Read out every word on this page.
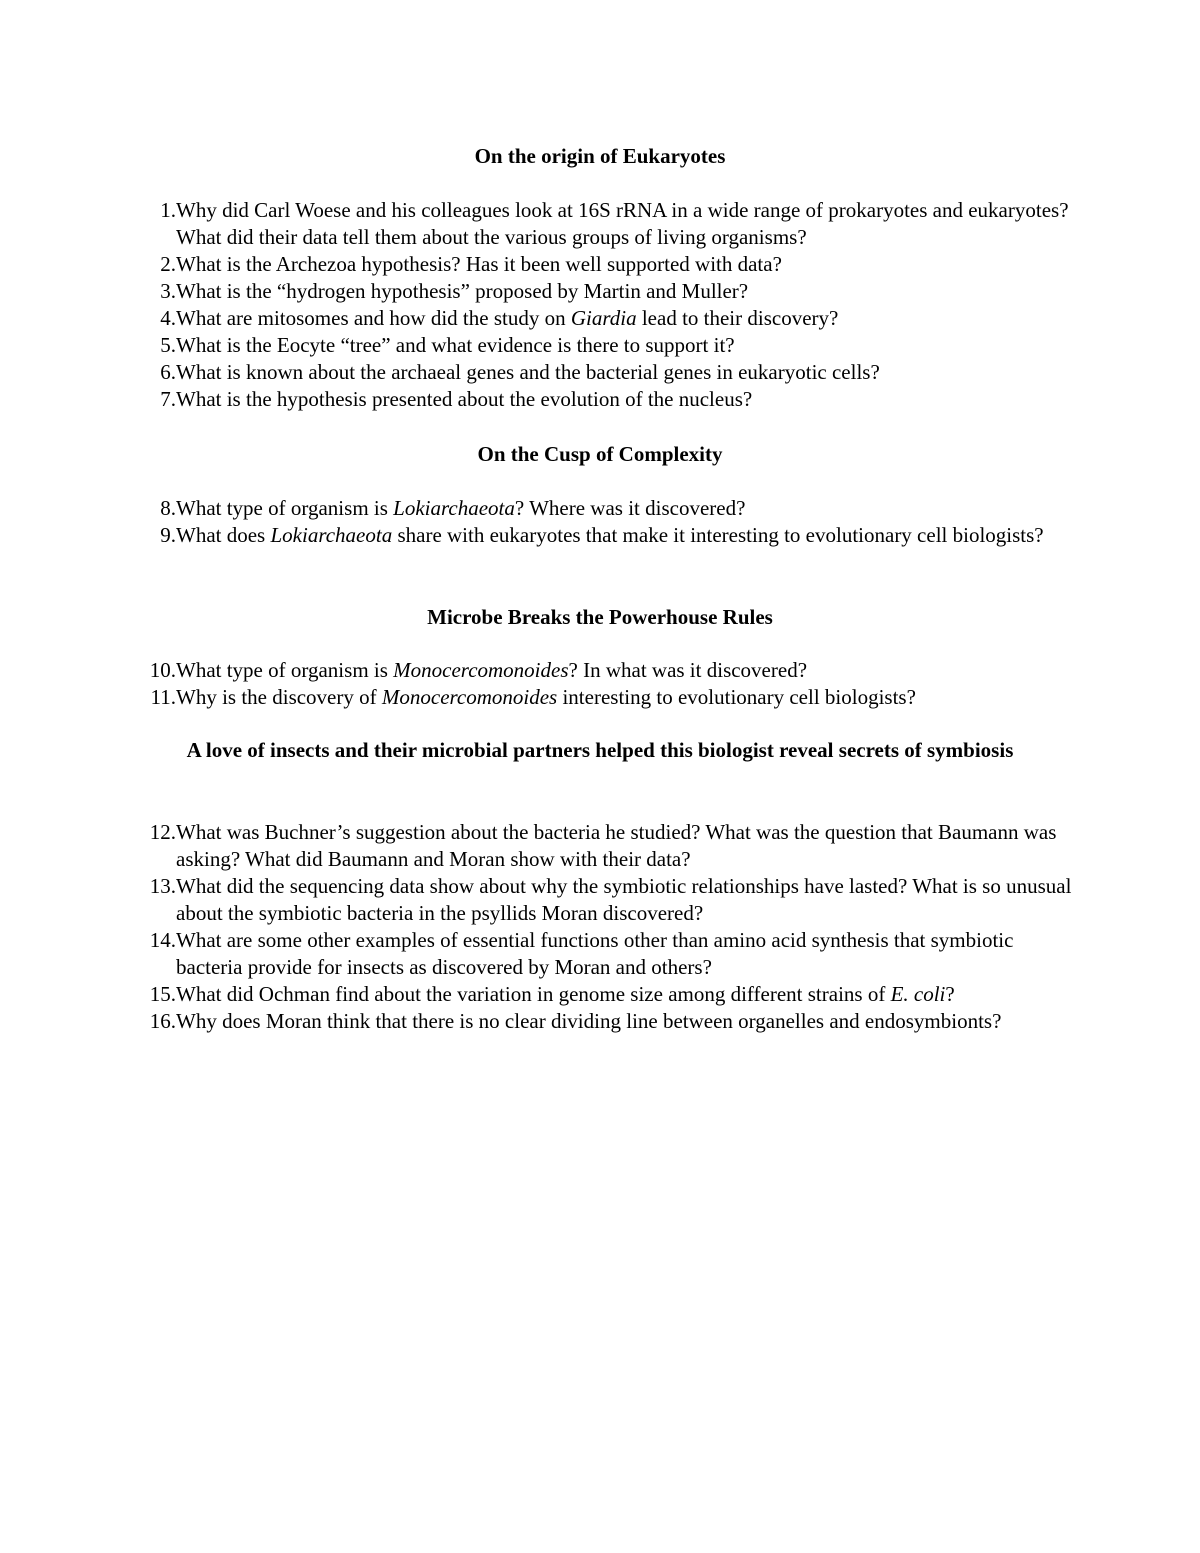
On the origin of Eukaryotes
1. Why did Carl Woese and his colleagues look at 16S rRNA in a wide range of prokaryotes and eukaryotes? What did their data tell them about the various groups of living organisms?
2. What is the Archezoa hypothesis? Has it been well supported with data?
3. What is the “hydrogen hypothesis” proposed by Martin and Muller?
4. What are mitosomes and how did the study on Giardia lead to their discovery?
5. What is the Eocyte “tree” and what evidence is there to support it?
6. What is known about the archaeal genes and the bacterial genes in eukaryotic cells?
7. What is the hypothesis presented about the evolution of the nucleus?
On the Cusp of Complexity
8. What type of organism is Lokiarchaeota? Where was it discovered?
9. What does Lokiarchaeota share with eukaryotes that make it interesting to evolutionary cell biologists?
Microbe Breaks the Powerhouse Rules
10. What type of organism is Monocercomonoides? In what was it discovered?
11. Why is the discovery of Monocercomonoides interesting to evolutionary cell biologists?
A love of insects and their microbial partners helped this biologist reveal secrets of symbiosis
12. What was Buchner’s suggestion about the bacteria he studied? What was the question that Baumann was asking? What did Baumann and Moran show with their data?
13. What did the sequencing data show about why the symbiotic relationships have lasted? What is so unusual about the symbiotic bacteria in the psyllids Moran discovered?
14. What are some other examples of essential functions other than amino acid synthesis that symbiotic bacteria provide for insects as discovered by Moran and others?
15. What did Ochman find about the variation in genome size among different strains of E. coli?
16. Why does Moran think that there is no clear dividing line between organelles and endosymbionts?
